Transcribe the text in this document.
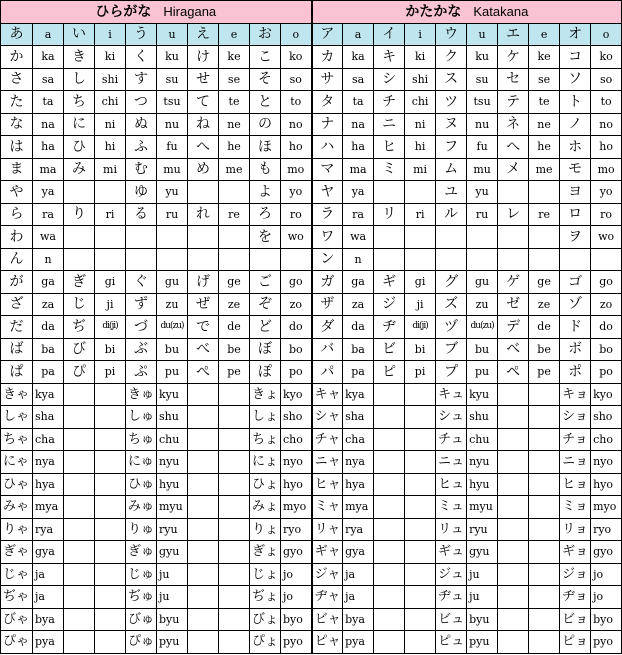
ひらがな Hiragana										かたかな Katakana									
あ	a	い	i	う	u	え	e	お	o	ア	a	イ	i	ウ	u	エ	e	オ	o
か	ka	き	ki	く	ku	け	ke	こ	ko	カ	ka	キ	ki	ク	ku	ケ	ke	コ	ko
さ	sa	し	shi	す	su	せ	se	そ	so	サ	sa	シ	shi	ス	su	セ	se	ソ	so
た	ta	ち	chi	つ	tsu	て	te	と	to	タ	ta	チ	chi	ツ	tsu	テ	te	ト	to
な	na	に	ni	ぬ	nu	ね	ne	の	no	ナ	na	ニ	ni	ヌ	nu	ネ	ne	ノ	no
は	ha	ひ	hi	ふ	fu	へ	he	ほ	ho	ハ	ha	ヒ	hi	フ	fu	へ	he	ホ	ho
ま	ma	み	mi	む	mu	め	me	も	mo	マ	ma	ミ	mi	ム	mu	メ	me	モ	mo
や	ya			ゆ	yu			よ	yo	ヤ	ya			ユ	yu			ヨ	yo
ら	ra	り	ri	る	ru	れ	re	ろ	ro	ラ	ra	リ	ri	ル	ru	レ	re	ロ	ro
わ	wa							を	wo	ワ	wa							ヲ	wo
ん	n									ン	n								
が	ga	ぎ	gi	ぐ	gu	げ	ge	ご	go	ガ	ga	ギ	gi	グ	gu	ゲ	ge	ゴ	go
ざ	za	じ	ji	ず	zu	ぜ	ze	ぞ	zo	ザ	za	ジ	ji	ズ	zu	ゼ	ze	ゾ	zo
だ	da	ぢ	di(ji)	づ	du(zu)	で	de	ど	do	ダ	da	ヂ	di(ji)	ヅ	du(zu)	デ	de	ド	do
ば	ba	び	bi	ぶ	bu	べ	be	ぼ	bo	バ	ba	ビ	bi	ブ	bu	ベ	be	ボ	bo
ぱ	pa	ぴ	pi	ぷ	pu	ぺ	pe	ぽ	po	パ	pa	ピ	pi	プ	pu	ペ	pe	ポ	po
きゃ	kya			きゅ	kyu			きょ	kyo	キャ	kya			キュ	kyu			キョ	kyo
しゃ	sha			しゅ	shu			しょ	sho	シャ	sha			シュ	shu			ショ	sho
ちゃ	cha			ちゅ	chu			ちょ	cho	チャ	cha			チュ	chu			チョ	cho
にゃ	nya			にゅ	nyu			にょ	nyo	ニャ	nya			ニュ	nyu			ニョ	nyo
ひゃ	hya			ひゅ	hyu			ひょ	hyo	ヒャ	hya			ヒュ	hyu			ヒョ	hyo
みゃ	mya			みゅ	myu			みょ	myo	ミャ	mya			ミュ	myu			ミョ	myo
りゃ	rya			りゅ	ryu			りょ	ryo	リャ	rya			リュ	ryu			リョ	ryo
ぎゃ	gya			ぎゅ	gyu			ぎょ	gyo	ギャ	gya			ギュ	gyu			ギョ	gyo
じゃ	ja			じゅ	ju			じょ	jo	ジャ	ja			ジュ	ju			ジョ	jo
ぢゃ	ja			ぢゅ	ju			ぢょ	jo	ヂャ	ja			ヂュ	ju			ヂョ	jo
びゃ	bya			びゅ	byu			びょ	byo	ビャ	bya			ビュ	byu			ビョ	byo
ぴゃ	pya			ぴゅ	pyu			ぴょ	pyo	ピャ	pya			ピュ	pyu			ピョ	pyo
